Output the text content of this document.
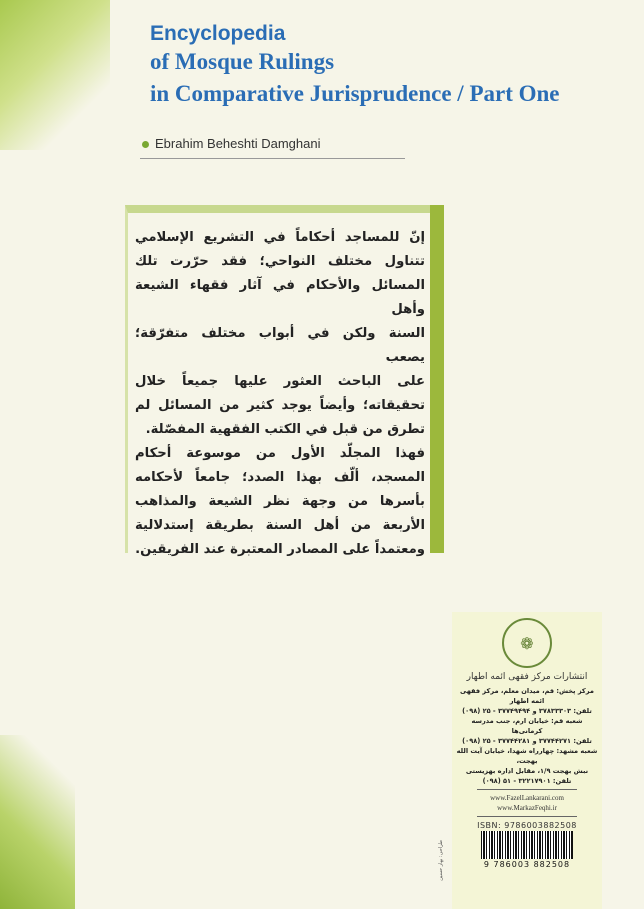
Encyclopedia
of Mosque Rulings
in Comparative Jurisprudence / Part One
Ebrahim Beheshti Damghani

إنّ للمساجد أحكاماً في التشريع الإسلامي

تتناول مختلف النواحي؛ فقد حرّرت تلك

المسائل والأحكام في آثار فقهاء الشيعة وأهل

السنة ولكن في أبواب مختلف متفرّقة؛ يصعب

على الباحث العثور عليها جميعاً خلال

تحقيقاته؛ وأيضاً يوجد كثير من المسائل لم

تطرق من قبل في الكتب الفقهية المفصّلة.

فهذا المجلّد الأول من موسوعة أحكام

المسجد، ألّف بهذا الصدد؛ جامعاً لأحكامه

بأسرها من وجهة نظر الشيعة والمذاهب

الأربعة من أهل السنة بطريقة إستدلالية

ومعتمداً على المصادر المعتبرة عند الفريقين.

❁
انتشارات مرکز فقهی ائمه اطهار
مرکز پخش: قم، میدان معلم، مرکز فقهی ائمه اطهار
تلفن: ۳۷۸۳۳۳۰۳ و ۳۷۷۴۹۴۹۴ - ۲۵ (۰۹۸)
شعبه قم: خیابان ارم، جنب مدرسه کرمانی‌ها
تلفن: ۳۷۷۴۴۲۷۱ و ۳۷۷۴۴۲۸۱ - ۲۵ (۰۹۸)
شعبه مشهد: چهارراه شهدا، خیابان آیت الله بهجت،
نبش بهجت ۱/۹، مقابل اداره بهزیستی
تلفن: ۳۲۲۱۷۹۰۱ - ۵۱ (۰۹۸)
www.FazelLankarani.com
www.MarkazFeqhi.ir
ISBN: 9786003882508
9 786003 882508
طراحی: بهار حسین
